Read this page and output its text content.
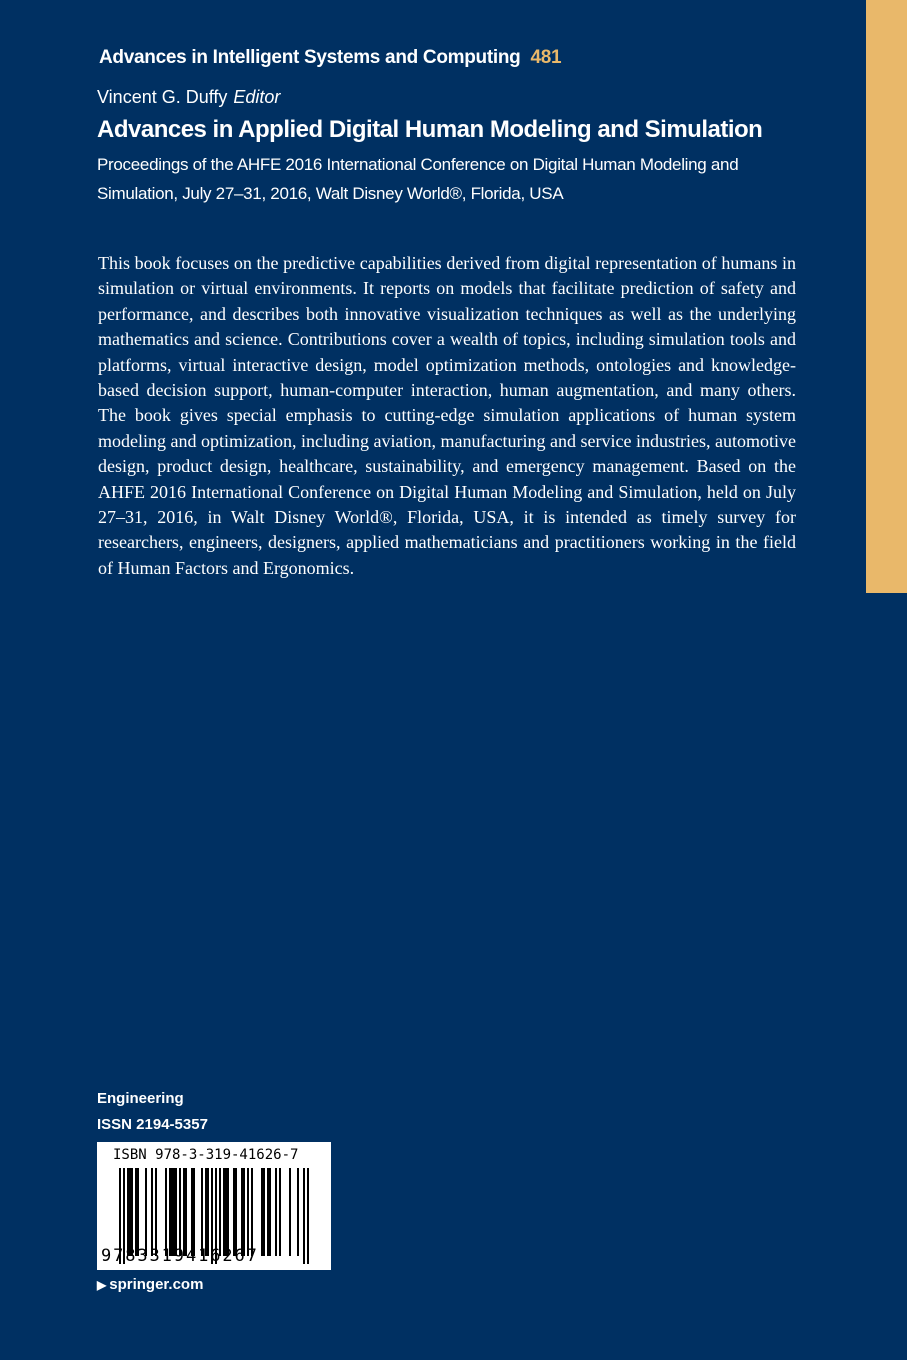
Advances in Intelligent Systems and Computing 481
Vincent G. Duffy Editor
Advances in Applied Digital Human Modeling and Simulation
Proceedings of the AHFE 2016 International Conference on Digital Human Modeling and Simulation, July 27–31, 2016, Walt Disney World®, Florida, USA
This book focuses on the predictive capabilities derived from digital representation of humans in simulation or virtual environments. It reports on models that facilitate prediction of safety and performance, and describes both innovative visualization techniques as well as the underlying mathematics and science. Contributions cover a wealth of topics, including simulation tools and platforms, virtual interactive design, model optimization methods, ontologies and knowledge-based decision support, human-computer interaction, human augmentation, and many others. The book gives special emphasis to cutting-edge simulation applications of human system modeling and optimization, including aviation, manufacturing and service industries, automotive design, product design, healthcare, sustainability, and emergency management. Based on the AHFE 2016 International Conference on Digital Human Modeling and Simulation, held on July 27–31, 2016, in Walt Disney World®, Florida, USA, it is intended as timely survey for researchers, engineers, designers, applied mathematicians and practitioners working in the field of Human Factors and Ergonomics.
Engineering
ISSN 2194-5357
ISBN 978-3-319-41626-7
9783319416267
▶ springer.com
